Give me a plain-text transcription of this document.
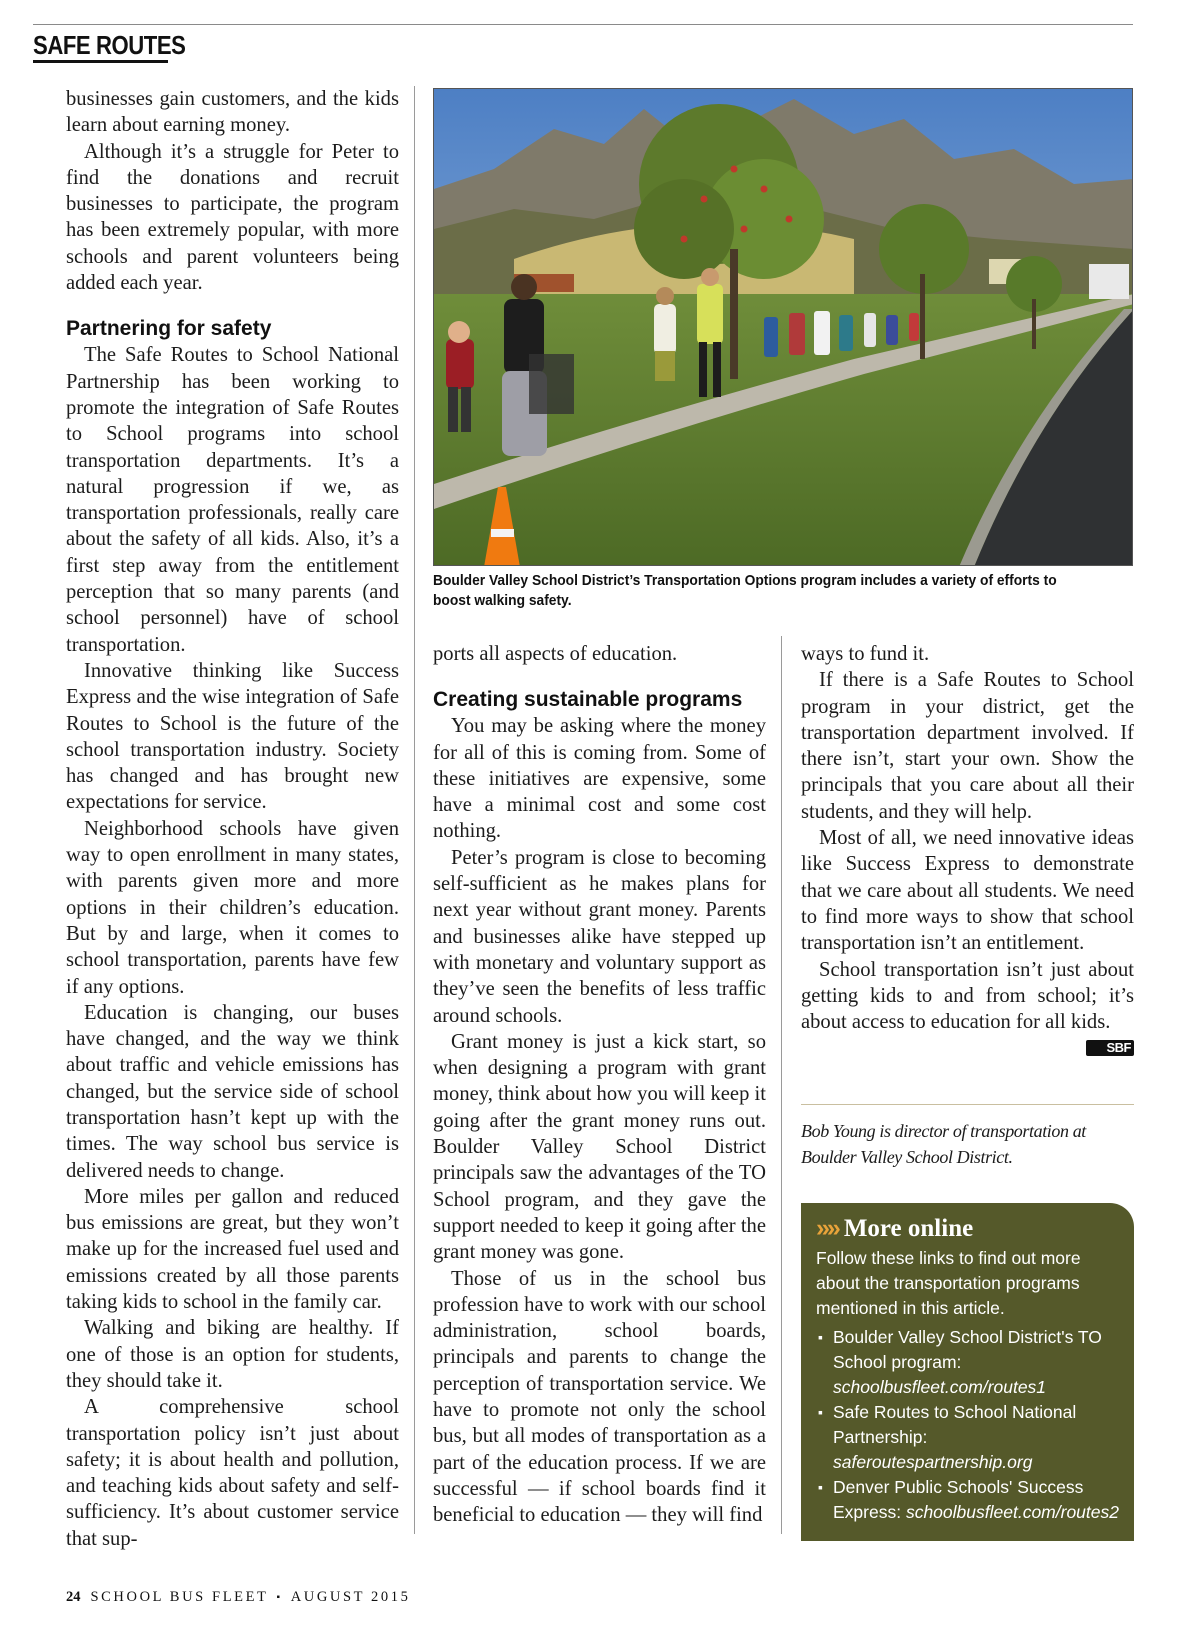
SAFE ROUTES

businesses gain customers, and the kids learn about earning money.

Although it’s a struggle for Peter to find the donations and recruit businesses to participate, the program has been extremely popular, with more schools and parent volunteers being added each year.

Partnering for safety

The Safe Routes to School National Partnership has been working to promote the integration of Safe Routes to School programs into school transportation departments. It’s a natural progression if we, as transportation professionals, really care about the safety of all kids. Also, it’s a first step away from the entitlement perception that so many parents (and school personnel) have of school transportation.

Innovative thinking like Success Express and the wise integration of Safe Routes to School is the future of the school transportation industry. Society has changed and has brought new expectations for service.

Neighborhood schools have given way to open enrollment in many states, with parents given more and more options in their children’s education. But by and large, when it comes to school transportation, parents have few if any options.

Education is changing, our buses have changed, and the way we think about traffic and vehicle emissions has changed, but the service side of school transportation hasn’t kept up with the times. The way school bus service is delivered needs to change.

More miles per gallon and reduced bus emissions are great, but they won’t make up for the increased fuel used and emissions created by all those parents taking kids to school in the family car.

Walking and biking are healthy. If one of those is an option for students, they should take it.

A comprehensive school transportation policy isn’t just about safety; it is about health and pollution, and teaching kids about safety and self-sufficiency. It’s about customer service that sup-

Boulder Valley School District’s Transportation Options program includes a variety of efforts to boost walking safety.

ports all aspects of education.

Creating sustainable programs

You may be asking where the money for all of this is coming from. Some of these initiatives are expensive, some have a minimal cost and some cost nothing.

Peter’s program is close to becoming self-sufficient as he makes plans for next year without grant money. Parents and businesses alike have stepped up with monetary and voluntary support as they’ve seen the benefits of less traffic around schools.

Grant money is just a kick start, so when designing a program with grant money, think about how you will keep it going after the grant money runs out. Boulder Valley School District principals saw the advantages of the TO School program, and they gave the support needed to keep it going after the grant money was gone.

Those of us in the school bus profession have to work with our school administration, school boards, principals and parents to change the perception of transportation service. We have to promote not only the school bus, but all modes of transportation as a part of the education process. If we are successful — if school boards find it beneficial to education — they will find

ways to fund it.

If there is a Safe Routes to School program in your district, get the transportation department involved. If there isn’t, start your own. Show the principals that you care about all their students, and they will help.

Most of all, we need innovative ideas like Success Express to demonstrate that we care about all students. We need to find more ways to show that school transportation isn’t an entitlement.

School transportation isn’t just about getting kids to and from school; it’s about access to education for all kids.
SBF

Bob Young is director of transportation at Boulder Valley School District.
»» More online
Follow these links to find out more about the transportation programs mentioned in this article.
▪ Boulder Valley School District's TO School program: schoolbusfleet.com/routes1
▪ Safe Routes to School National Partnership: saferoutespartnership.org
▪ Denver Public Schools' Success Express: schoolbusfleet.com/routes2
24 SCHOOL BUS FLEET ▪ AUGUST 2015
